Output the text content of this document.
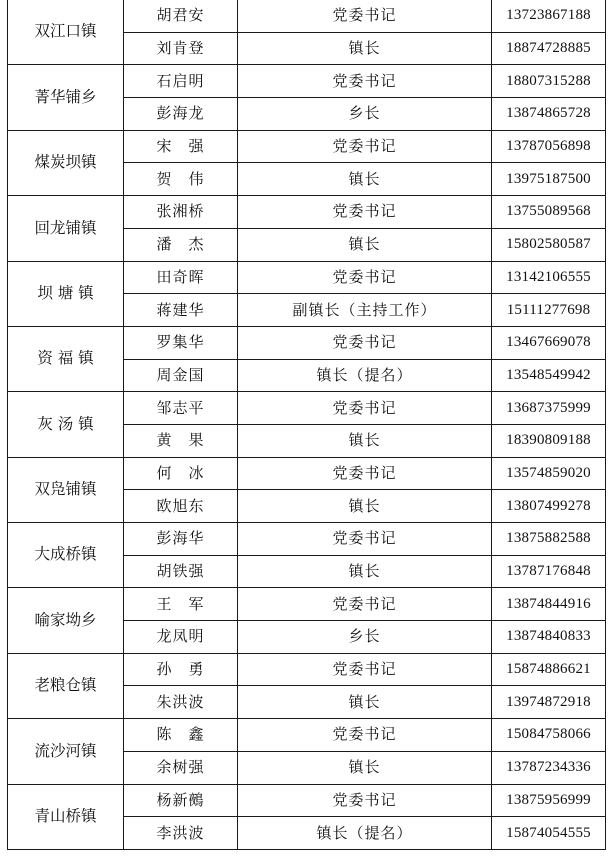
双江口镇	胡君安	党委书记	13723867188
	刘肯登	镇长	18874728885
菁华铺乡	石启明	党委书记	18807315288
	彭海龙	乡长	13874865728
煤炭坝镇	宋　强	党委书记	13787056898
	贺　伟	镇长	13975187500
回龙铺镇	张湘桥	党委书记	13755089568
	潘　杰	镇长	15802580587
坝 塘 镇	田奇晖	党委书记	13142106555
	蒋建华	副镇长（主持工作）	15111277698
资 福 镇	罗集华	党委书记	13467669078
	周金国	镇长（提名）	13548549942
灰 汤 镇	邹志平	党委书记	13687375999
	黄　果	镇长	18390809188
双凫铺镇	何　冰	党委书记	13574859020
	欧旭东	镇长	13807499278
大成桥镇	彭海华	党委书记	13875882588
	胡铁强	镇长	13787176848
喻家坳乡	王　军	党委书记	13874844916
	龙凤明	乡长	13874840833
老粮仓镇	孙　勇	党委书记	15874886621
	朱洪波	镇长	13974872918
流沙河镇	陈　鑫	党委书记	15084758066
	余树强	镇长	13787234336
青山桥镇	杨新鵺	党委书记	13875956999
	李洪波	镇长（提名）	15874054555
